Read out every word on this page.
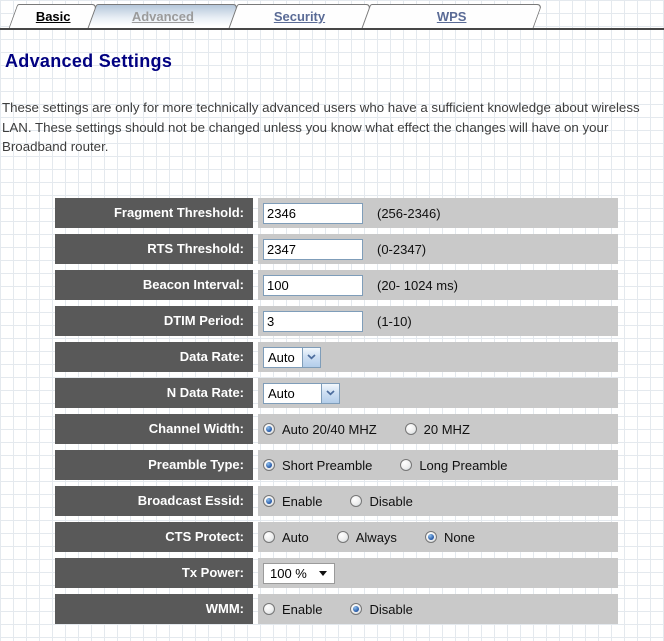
Basic	Advanced	Security	WPS
Advanced Settings

These settings are only for more technically advanced users who have a sufficient knowledge about wireless LAN. These settings should not be changed unless you know what effect the changes will have on your Broadband router.

Fragment Threshold:
2346	(256-2346)
RTS Threshold:
2347	(0-2347)
Beacon Interval:
100	(20- 1024 ms)
DTIM Period:
3	(1-10)
Data Rate:	Auto
N Data Rate:	Auto
Channel Width:	Auto 20/40 MHZ	20 MHZ
Preamble Type:	Short Preamble	Long Preamble
Broadcast Essid:	Enable	Disable
CTS Protect:	Auto	Always	None
Tx Power:	100 %
WMM:	Enable	Disable
